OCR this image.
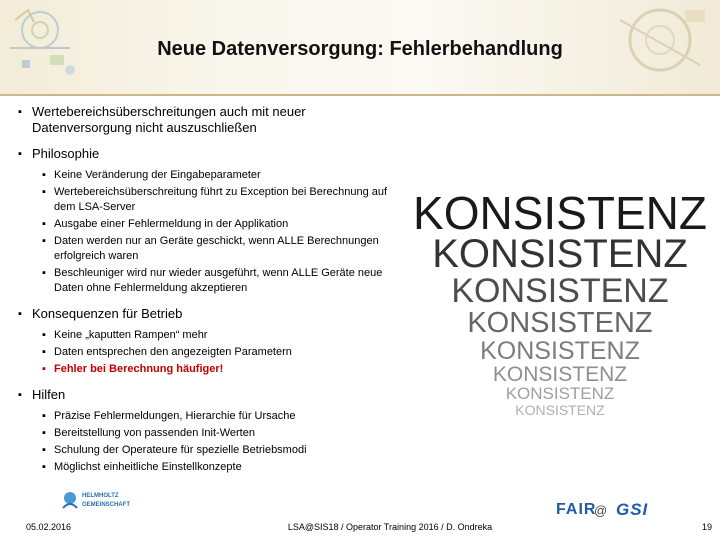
Neue Datenversorgung: Fehlerbehandlung
▪ Wertebereichsüberschreitungen auch mit neuer Datenversorgung nicht auszuschließen
▪ Philosophie
▪ Keine Veränderung der Eingabeparameter
▪ Wertebereichsüberschreitung führt zu Exception bei Berechnung auf dem LSA-Server
▪ Ausgabe einer Fehlermeldung in der Applikation
▪ Daten werden nur an Geräte geschickt, wenn ALLE Berechnungen erfolgreich waren
▪ Beschleuniger wird nur wieder ausgeführt, wenn ALLE Geräte neue Daten ohne Fehlermeldung akzeptieren
▪ Konsequenzen für Betrieb
▪ Keine „kaputten Rampen“ mehr
▪ Daten entsprechen den angezeigten Parametern
▪ Fehler bei Berechnung häufiger!
▪ Hilfen
▪ Präzise Fehlermeldungen, Hierarchie für Ursache
▪ Bereitstellung von passenden Init-Werten
▪ Schulung der Operateure für spezielle Betriebsmodi
▪ Möglichst einheitliche Einstellkonzepte
KONSISTENZ
KONSISTENZ
KONSISTENZ
KONSISTENZ
KONSISTENZ
KONSISTENZ
KONSISTENZ
KONSISTENZ
HELMHOLTZ
GEMEINSCHAFT	FAIR
@ GSI
05.02.2016	LSA@SIS18 / Operator Training 2016 / D. Ondreka	19
